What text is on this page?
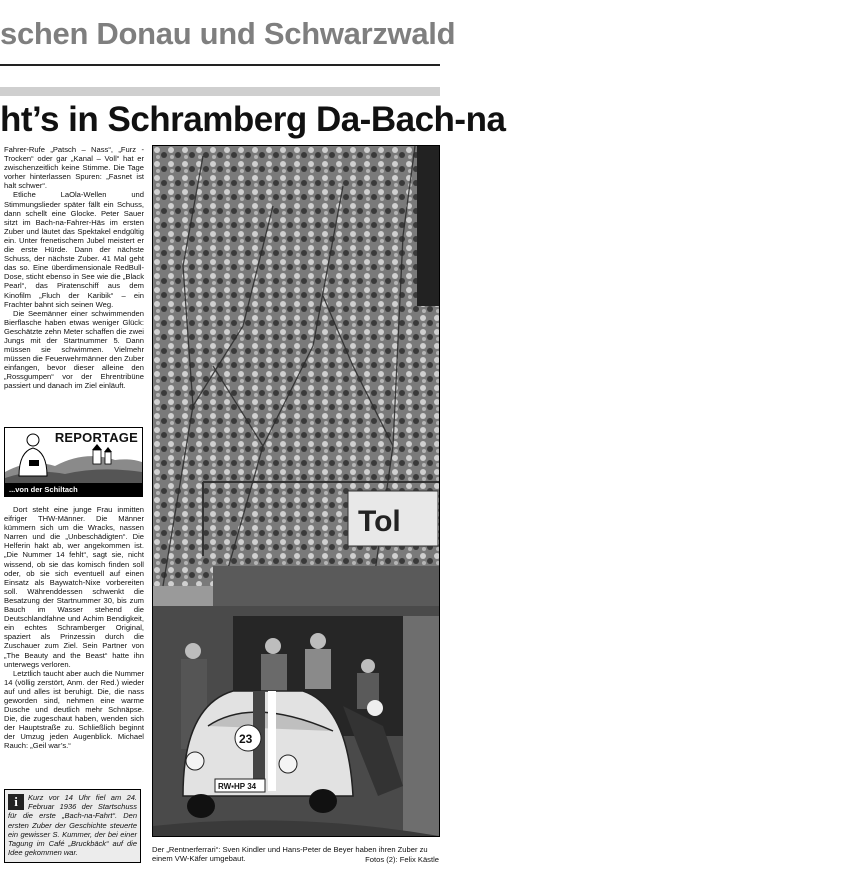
schen Donau und Schwarzwald
ht’s in Schramberg Da-Bach-na

Fahrer-Rufe „Patsch – Nass“, „Furz - Trocken“ oder gar „Kanal – Voll“ hat er zwischenzeitlich keine Stimme. Die Tage vorher hinterlassen Spuren: „Fasnet ist halt schwer“.

Etliche LaOla-Wellen und Stimmungslieder später fällt ein Schuss, dann schellt eine Glocke. Peter Sauer sitzt im Bach-na-Fahrer-Häs im ersten Zuber und läutet das Spektakel endgültig ein. Unter frenetischem Jubel meistert er die erste Hürde. Dann der nächste Schuss, der nächste Zuber. 41 Mal geht das so. Eine überdimensionale RedBull-Dose, sticht ebenso in See wie die „Black Pearl“, das Piratenschiff aus dem Kinofilm „Fluch der Karibik“ – ein Frachter bahnt sich seinen Weg.

Die Seemänner einer schwimmenden Bierflasche haben etwas weniger Glück: Geschätzte zehn Meter schaffen die zwei Jungs mit der Startnummer 5. Dann müssen sie schwimmen. Vielmehr müssen die Feuerwehrmänner den Zuber einfangen, bevor dieser alleine den „Rossgumpen“ vor der Ehrentribüne passiert und danach im Ziel einläuft.

REPORTAGE
...von der Schiltach

Dort steht eine junge Frau inmitten eifriger THW-Männer. Die Männer kümmern sich um die Wracks, nassen Narren und die „Unbeschädigten“. Die Helferin hakt ab, wer angekommen ist. „Die Nummer 14 fehlt“, sagt sie, nicht wissend, ob sie das komisch finden soll oder, ob sie sich eventuell auf einen Einsatz als Baywatch-Nixe vorbereiten soll. Währenddessen schwenkt die Besatzung der Startnummer 30, bis zum Bauch im Wasser stehend die Deutschlandfahne und Achim Bendigkeit, ein echtes Schramberger Original, spaziert als Prinzessin durch die Zuschauer zum Ziel. Sein Partner von „The Beauty and the Beast“ hatte ihn unterwegs verloren.

Letztlich taucht aber auch die Nummer 14 (völlig zerstört, Anm. der Red.) wieder auf und alles ist beruhigt. Die, die nass geworden sind, nehmen eine warme Dusche und deutlich mehr Schnäpse. Die, die zugeschaut haben, wenden sich der Hauptstraße zu. Schließlich beginnt der Umzug jeden Augenblick. Michael Rauch: „Geil war’s.“

i	Kurz vor 14 Uhr fiel am 24. Februar 1936 der Startschuss für die erste „Bach-na-Fahrt“. Den ersten Zuber der Geschichte steuerte ein gewisser S. Kummer, der bei einer Tagung im Café „Bruckbäck“ auf die Idee gekommen war.
Tol
23
RW▪HP 34
Der „Rentnerferrari“: Sven Kindler und Hans-Peter de Beyer haben ihren Zuber zu einem VW-Käfer umgebaut.	Fotos (2): Felix Kästle
